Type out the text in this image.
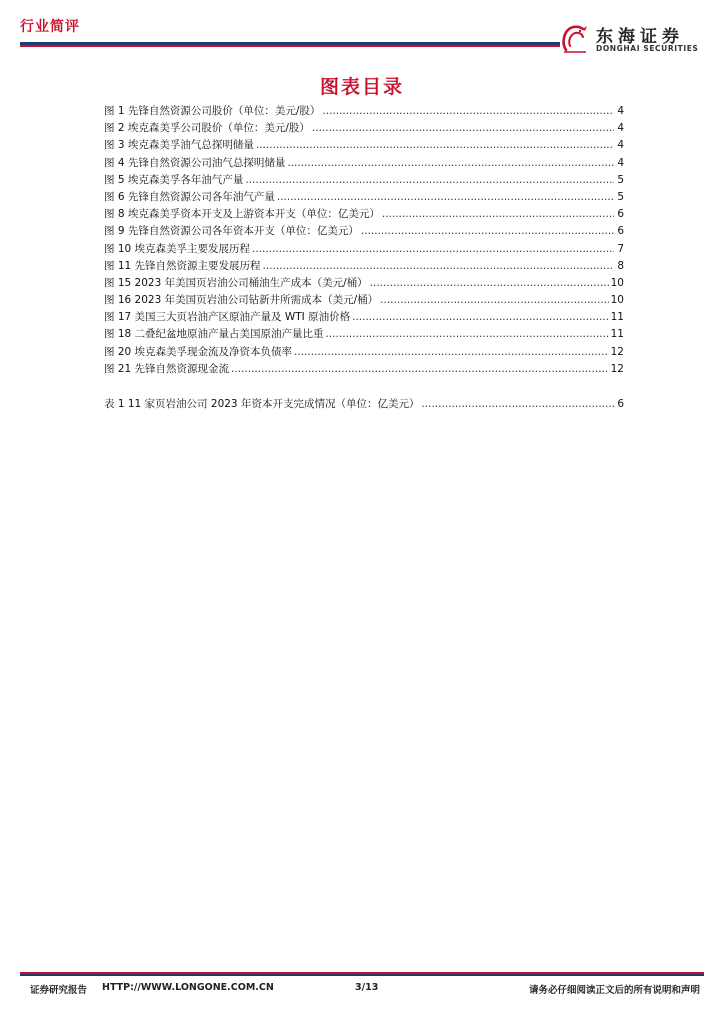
行业简评	东海证券
DONGHAI SECURITIES
图表目录
图 1 先锋自然资源公司股价（单位：美元/股） .....	4
图 2 埃克森美孚公司股价（单位：美元/股） .....	4
图 3 埃克森美孚油气总探明储量 .....	4
图 4 先锋自然资源公司油气总探明储量 .....	4
图 5 埃克森美孚各年油气产量 .....	5
图 6 先锋自然资源公司各年油气产量 .....	5
图 8 埃克森美孚资本开支及上游资本开支（单位：亿美元） .....	6
图 9 先锋自然资源公司各年资本开支（单位：亿美元） .....	6
图 10 埃克森美孚主要发展历程 .....	7
图 11 先锋自然资源主要发展历程 .....	8
图 15 2023 年美国页岩油公司桶油生产成本（美元/桶） .....	10
图 16 2023 年美国页岩油公司钻新井所需成本（美元/桶） .....	10
图 17 美国三大页岩油产区原油产量及 WTI 原油价格 .....	11
图 18 二叠纪盆地原油产量占美国原油产量比重 .....	11
图 20 埃克森美孚现金流及净资本负债率 .....	12
图 21 先锋自然资源现金流 .....	12
表 1 11 家页岩油公司 2023 年资本开支完成情况（单位：亿美元） .....	6
证券研究报告 HTTP://WWW.LONGONE.COM.CN	3/13	请务必仔细阅读正文后的所有说明和声明
